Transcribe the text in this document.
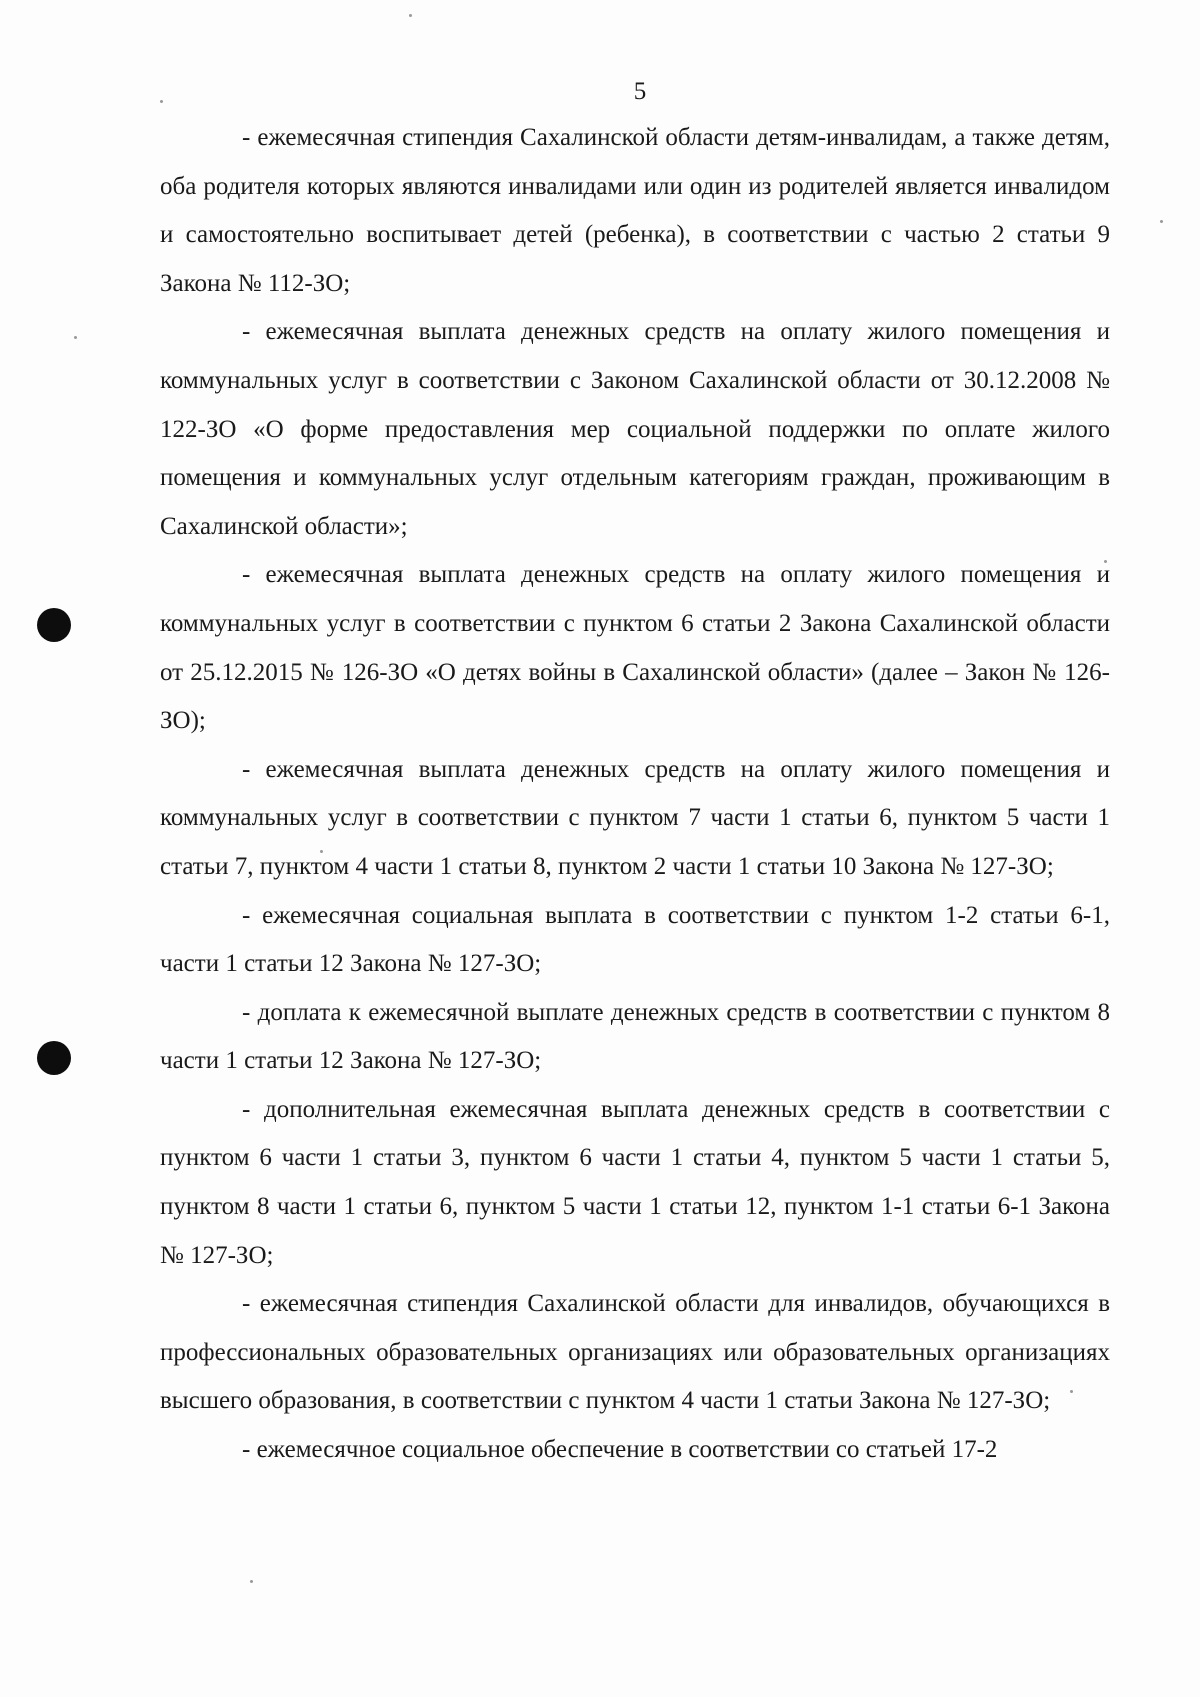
5

- ежемесячная стипендия Сахалинской области детям-инвалидам, а также детям, оба родителя которых являются инвалидами или один из родителей является инвалидом и самостоятельно воспитывает детей (ребенка), в соответствии с частью 2 статьи 9 Закона № 112-ЗО;

- ежемесячная выплата денежных средств на оплату жилого помещения и коммунальных услуг в соответствии с Законом Сахалинской области от 30.12.2008 № 122-ЗО «О форме предоставления мер социальной поддержки по оплате жилого помещения и коммунальных услуг отдельным категориям граждан, проживающим в Сахалинской области»;

- ежемесячная выплата денежных средств на оплату жилого помещения и коммунальных услуг в соответствии с пунктом 6 статьи 2 Закона Сахалинской области от 25.12.2015 № 126-ЗО «О детях войны в Сахалинской области» (далее – Закон № 126-ЗО);

- ежемесячная выплата денежных средств на оплату жилого помещения и коммунальных услуг в соответствии с пунктом 7 части 1 статьи 6, пунктом 5 части 1 статьи 7, пунктом 4 части 1 статьи 8, пунктом 2 части 1 статьи 10 Закона № 127-ЗО;

- ежемесячная социальная выплата в соответствии с пунктом 1-2 статьи 6-1, части 1 статьи 12 Закона № 127-ЗО;

- доплата к ежемесячной выплате денежных средств в соответствии с пунктом 8 части 1 статьи 12 Закона № 127-ЗО;

- дополнительная ежемесячная выплата денежных средств в соответствии с пунктом 6 части 1 статьи 3, пунктом 6 части 1 статьи 4, пунктом 5 части 1 статьи 5, пунктом 8 части 1 статьи 6, пунктом 5 части 1 статьи 12, пунктом 1-1 статьи 6-1 Закона № 127-ЗО;

- ежемесячная стипендия Сахалинской области для инвалидов, обучающихся в профессиональных образовательных организациях или образовательных организациях высшего образования, в соответствии с пунктом 4 части 1 статьи Закона № 127-ЗО;

- ежемесячное социальное обеспечение в соответствии со статьей 17-2
